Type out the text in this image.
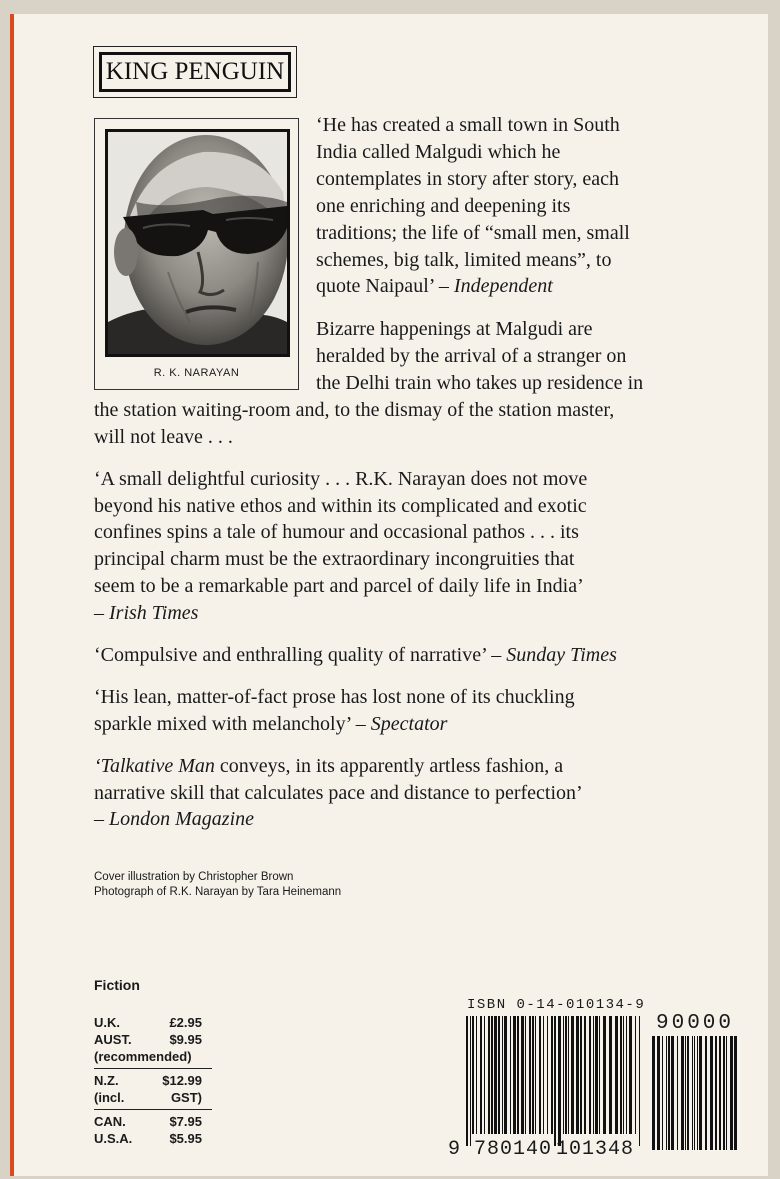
KING PENGUIN
R. K. NARAYAN

‘He has created a small town in South

India called Malgudi which he

contemplates in story after story, each

one enriching and deepening its

traditions; the life of “small men, small

schemes, big talk, limited means”, to

quote Naipaul’ – Independent

Bizarre happenings at Malgudi are

heralded by the arrival of a stranger on

the Delhi train who takes up residence in

the station waiting-room and, to the dismay of the station master,

will not leave . . .

‘A small delightful curiosity . . . R.K. Narayan does not move

beyond his native ethos and within its complicated and exotic

confines spins a tale of humour and occasional pathos . . . its

principal charm must be the extraordinary incongruities that

seem to be a remarkable part and parcel of daily life in India’

– Irish Times

‘Compulsive and enthralling quality of narrative’ – Sunday Times

‘His lean, matter-of-fact prose has lost none of its chuckling

sparkle mixed with melancholy’ – Spectator

‘Talkative Man conveys, in its apparently artless fashion, a

narrative skill that calculates pace and distance to perfection’

– London Magazine

Cover illustration by Christopher Brown
Photograph of R.K. Narayan by Tara Heinemann
Fiction
U.K.	£2.95
AUST.	$9.95
(recommended)
N.Z.	$12.99
(incl.	GST)
CAN.	$7.95
U.S.A.	$5.95
ISBN 0-14-010134-9
90000
9 780140 101348
